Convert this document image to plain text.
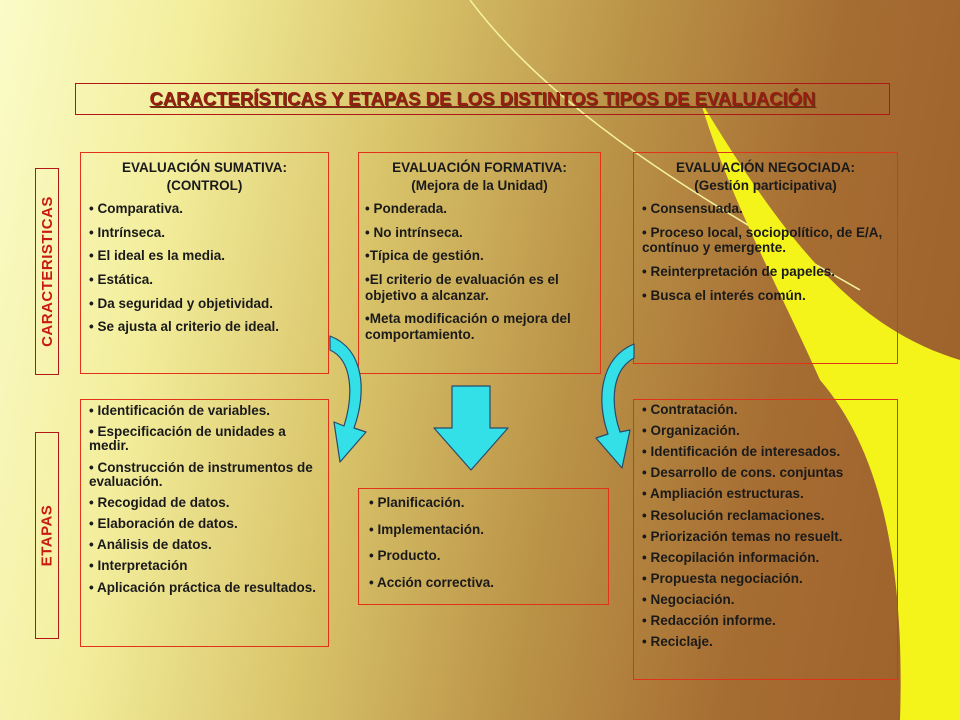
CARACTERÍSTICAS Y ETAPAS DE LOS DISTINTOS TIPOS DE EVALUACIÓN
CARACTERISTICAS
ETAPAS
EVALUACIÓN SUMATIVA:
(CONTROL)
• Comparativa.
• Intrínseca.
• El ideal es la media.
• Estática.
• Da seguridad y objetividad.
• Se ajusta al criterio de ideal.
EVALUACIÓN FORMATIVA:
(Mejora de la Unidad)
• Ponderada.
• No intrínseca.
•Típica de gestión.
•El criterio de evaluación es el objetivo a alcanzar.
•Meta modificación o mejora del comportamiento.
EVALUACIÓN NEGOCIADA:
(Gestión participativa)
• Consensuada.
• Proceso local, sociopolítico, de E/A, contínuo y emergente.
• Reinterpretación de papeles.
• Busca el interés común.
• Identificación de variables.
• Especificación de unidades a medir.
• Construcción de instrumentos de evaluación.
• Recogidad de datos.
• Elaboración de datos.
• Análisis de datos.
• Interpretación
• Aplicación práctica de resultados.
• Planificación.
• Implementación.
• Producto.
• Acción correctiva.
• Contratación.
• Organización.
• Identificación de interesados.
• Desarrollo de cons. conjuntas
• Ampliación estructuras.
• Resolución reclamaciones.
• Priorización temas no resuelt.
• Recopilación información.
• Propuesta negociación.
• Negociación.
• Redacción informe.
• Reciclaje.
